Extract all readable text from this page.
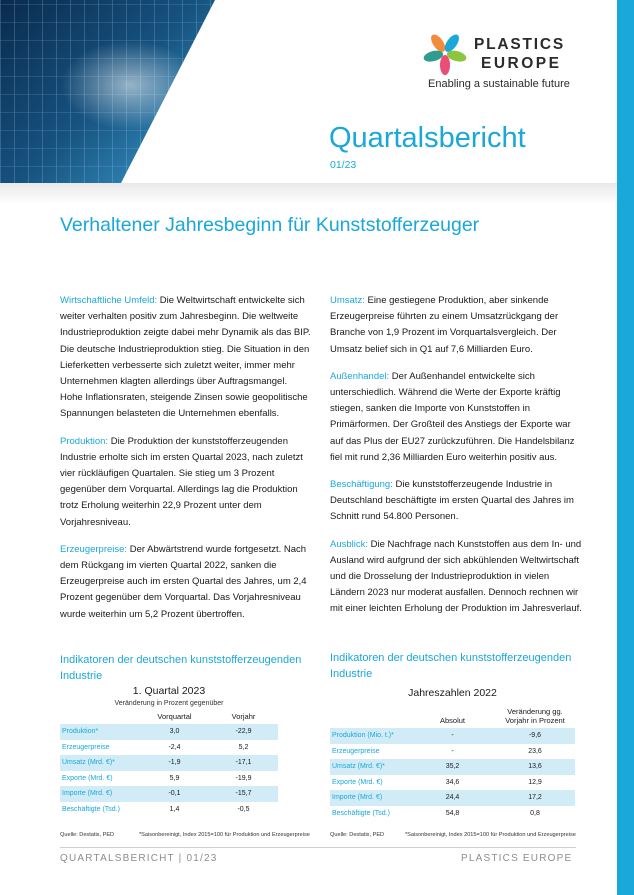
PLASTICS
EUROPE
Enabling a sustainable future
Quartalsbericht
01/23
Verhaltener Jahresbeginn für Kunststofferzeuger

Wirtschaftliche Umfeld: Die Weltwirtschaft entwickelte sich weiter verhalten positiv zum Jahresbeginn. Die weltweite Industrieproduktion zeigte dabei mehr Dynamik als das BIP. Die deutsche Industrieproduktion stieg. Die Situation in den Lieferketten verbesserte sich zuletzt weiter, immer mehr Unternehmen klagten allerdings über Auftragsmangel. Hohe Inflationsraten, steigende Zinsen sowie geopolitische Spannungen belasteten die Unternehmen ebenfalls.

Produktion: Die Produktion der kunststofferzeugenden Industrie erholte sich im ersten Quartal 2023, nach zuletzt vier rückläufigen Quartalen. Sie stieg um 3 Prozent gegenüber dem Vorquartal. Allerdings lag die Produktion trotz Erholung weiterhin 22,9 Prozent unter dem Vorjahresniveau.

Erzeugerpreise: Der Abwärtstrend wurde fortgesetzt. Nach dem Rückgang im vierten Quartal 2022, sanken die Erzeugerpreise auch im ersten Quartal des Jahres, um 2,4 Prozent gegenüber dem Vorquartal. Das Vorjahresniveau wurde weiterhin um 5,2 Prozent übertroffen.

Umsatz: Eine gestiegene Produktion, aber sinkende Erzeugerpreise führten zu einem Umsatzrückgang der Branche von 1,9 Prozent im Vorquartalsvergleich. Der Umsatz belief sich in Q1 auf 7,6 Milliarden Euro.

Außenhandel: Der Außenhandel entwickelte sich unterschiedlich. Während die Werte der Exporte kräftig stiegen, sanken die Importe von Kunststoffen in Primärformen. Der Großteil des Anstiegs der Exporte war auf das Plus der EU27 zurückzuführen. Die Handelsbilanz fiel mit rund 2,36 Milliarden Euro weiterhin positiv aus.

Beschäftigung: Die kunststofferzeugende Industrie in Deutschland beschäftigte im ersten Quartal des Jahres im Schnitt rund 54.800 Personen.

Ausblick: Die Nachfrage nach Kunststoffen aus dem In- und Ausland wird aufgrund der sich abkühlenden Weltwirtschaft und die Drosselung der Industrieproduktion in vielen Ländern 2023 nur moderat ausfallen. Dennoch rechnen wir mit einer leichten Erholung der Produktion im Jahresverlauf.

Indikatoren der deutschen kunststofferzeugenden Industrie
1. Quartal 2023
Veränderung in Prozent gegenüber
	Vorquartal	Vorjahr
Produktion*	3,0	-22,9
Erzeugerpreise	-2,4	5,2
Umsatz (Mrd. €)*	-1,9	-17,1
Exporte (Mrd. €)	5,9	-19,9
Importe (Mrd. €)	-0,1	-15,7
Beschäftigte (Tsd.)	1,4	-0,5
Quelle: Destatis, PED	*Saisonbereinigt, Index 2015=100 für Produktion und Erzeugerpreise
Indikatoren der deutschen kunststofferzeugenden Industrie
Jahreszahlen 2022
	Absolut	Veränderung gg. Vorjahr in Prozent
Produktion (Mio. t.)*	-	-9,6
Erzeugerpreise	-	23,6
Umsatz (Mrd. €)*	35,2	13,6
Exporte (Mrd. €)	34,6	12,9
Importe (Mrd. €)	24,4	17,2
Beschäftigte (Tsd.)	54,8	0,8
Quelle: Destatis, PED	*Saisonbereinigt, Index 2015=100 für Produktion und Erzeugerpreise
QUARTALSBERICHT | 01/23	PLASTICS EUROPE
